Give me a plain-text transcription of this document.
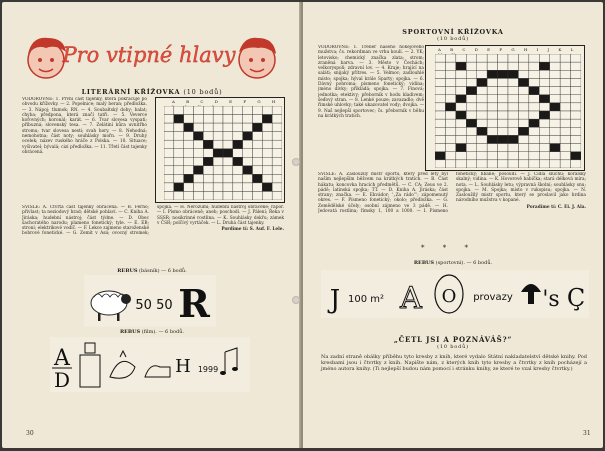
Pro vtipné hlavy
LITERÁRNÍ KŘÍŽOVKA (10 bodů)

VODOROVNĚ: 1. První část tajenky, která pokračuje po obvodu křížovky. — 2. Popelnice; malý beran; předložka. — 3. Nápoj; tlumok; RN. — 4. Soubaltský doby; balat; chyba; předpona, která značí tatři. — 5. Veverce kořovných; koronál; karát. — 6. Tvar slovesa vyspati; příbuzná; slovenský tesa. — 7. Zelátiní kůra uvnitřho stromu; tvar slovesa nesti; svah hory. — 8. Nehodná; nemohotna; část noty; souhlásky mořn. — 9. Druhy ocelek; název ruského hráče z Polska. — 10. Situace; vyšivatel; bývalá; cizí předložka. — 11. Třetí část tajenky obrácená.

A B C D E F G H

SVISLE: A. Čtvrtá část tajenky obrácená. — B. Ferno; přivlast; ta neziodový hrad; dětské pohlaví. — C. Kniha A. Jiráska; hudební nástroj; část týdne. — D. Obec šachoratého narodu; plameno fonetický; tyle. — E. EB; stroní; elektrikové vodíč. — F. Lekce zajmeno staroženské bobrové fonetické. — G. Zemit v Asii; ovocný stromek; spojka. — H. Nerozumí; hudební nástroj obráceně; rápor. — I. Písmo obráceně; aneb; poschodí. — J. Pálení; Řeka v SSSR; nosikrinné rostlina. — K. Souhlásky dokřu; zámek v ČSR; polčívý vyrtáček. — L. Druhá část tajenky.

Pordíme tí: S. Auf. F. Lele.

REBUS (básník) — 6 bodů.
50 50 R
REBUS (film). — 6 bodů.
A
D
H 1999
30
SPORTOVNÍ KŘÍŽOVKA
(10 bodů)

VODOROVNĚ: 1. Trenér našeho hokejového mužstva; čs. rekordman ve vrhu koulí. — 2. YK; letovisko; chemický značka zlata; strom; zraněná barva. — 3. Město v Čechách; velkoryspolí; zdravní lov. — 4. Kraje; hrající na saláti; sníjaký přítres. — 5. Velmoc; zadlouhlé místo; spojka; hýval krále Sparty; spojka. — 6. Dávný pohroma; písmeno fonetický; vidina; jméno dívky; přikládá; spojka. — 7. Finová; jednotka; etektivy; přeborník v hodu kladivem; šeďový stran. — 8. Lenké pouze; zavazadlo; dvě řimské uhlovky; také ukazovatel vody; dvojka. — 9. Naš nejlepší sportovec; čs. přeborník v běhu na krátkých tratích.

A B C D E F G H I J K L

SVISLE: A. Zasloužilý mistr sportu, který před lety byl naším nejlepším běžcem na krátkých tratích. — B. Část hákatu; koncovka hracích předmětů. — C. CA; Zeus ve 2. pádě; latinská spojka; TT. — D. Kniha A. Jiráska; část strany; značka. — E. Ekvádor; '„Za rádo“'; zápomenutý okres. — F. Písmeno fonetický; okolo; předložka. — G. Zemědělské účely; osobní zájmeno ve 3 pádě. — H. Jedovatá rostlina; římsky 1, 100 a 1000. — I. Písmeno fonetický; hbaně; posoudí. — J. Čidla sluchu; korálský skalný; vidina. — K. Hovorově babička; stará délková míra; nota. — L. Souhlásky letu; výpravná školní; souhlásky snu; spojka. — M. Spojka; místo v rukopisu; spojka. — N. Zasloužilý mistr sportu, který se proslavil jako hrdina národního mužstva v kopané.

Poradíme tí: C. Ei. J. Ala.

* * *
REBUS (sportovní). — 6 bodů.
J 100 m² A O provazy 's Ç
„ČETL JSI A POZNÁVÁŠ?“
(10 bodů)

Na zadní straně obálky příběhu tyto kresby z knih, které vydalo Státní nakladatelství dětské knihy. Pod kresbami jsou i čtvrtky z knih. Napište nám, z kterých knih tyto kresby a čtvrtky z knih pocházejí a jméno autora knihy. (Ti nejlepší budou nám pomocí i stránku knihy, ze které te vzal kresby čtvrtky.)

31
